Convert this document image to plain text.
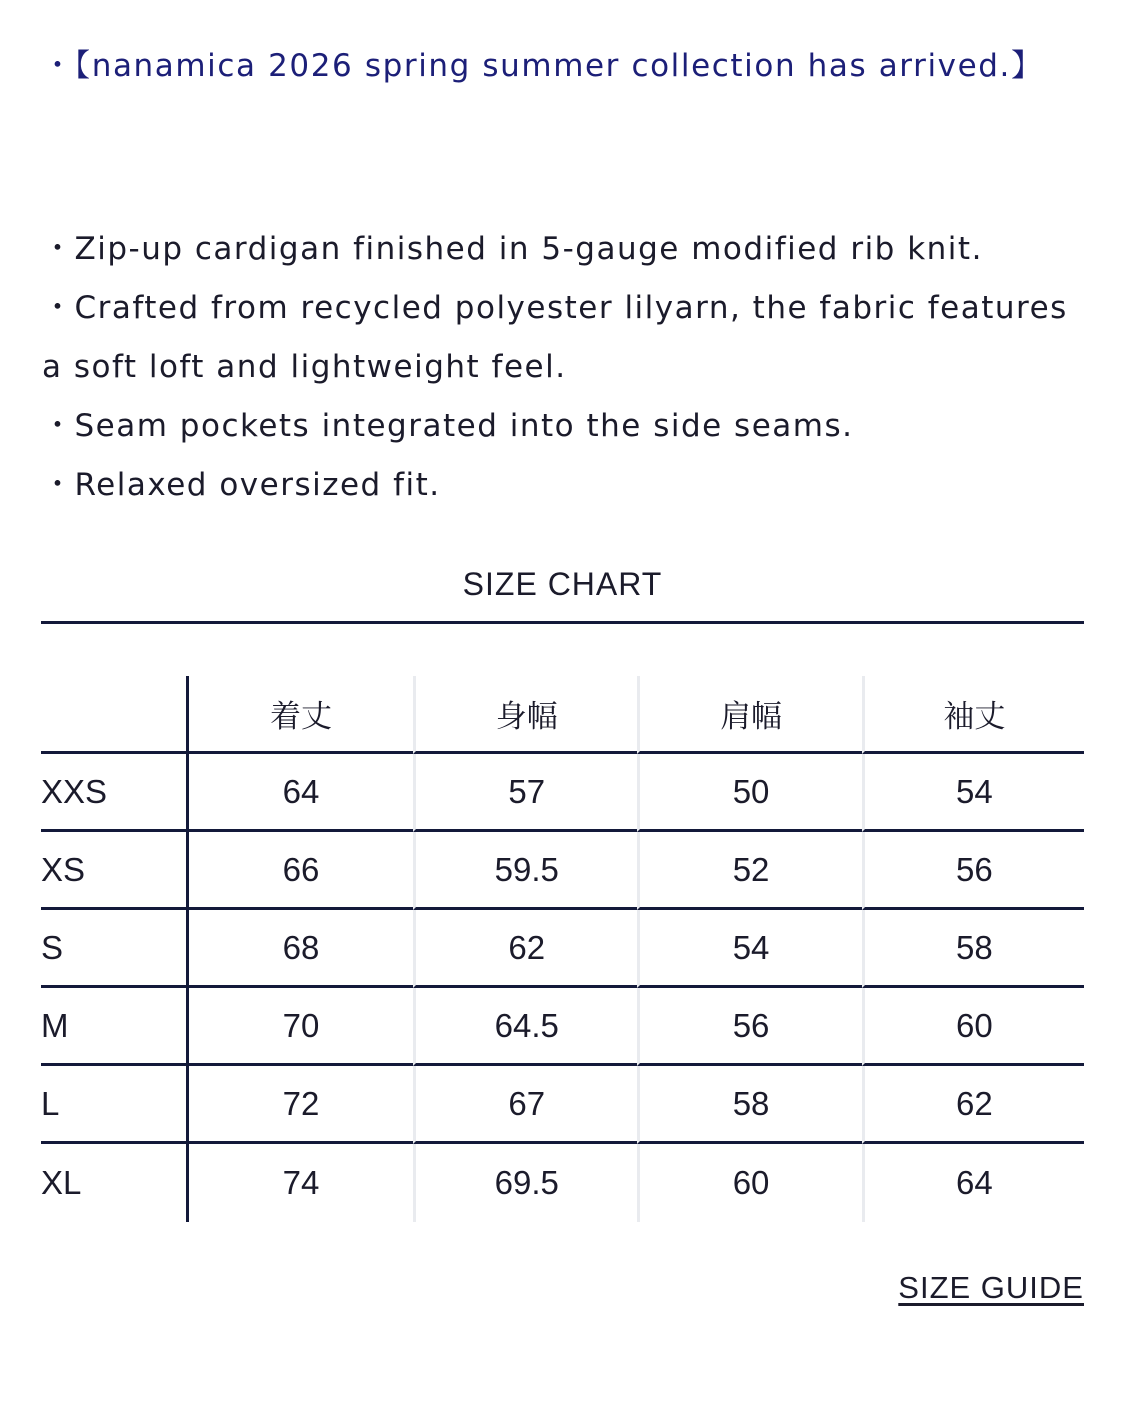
・【nanamica 2026 spring summer collection has arrived.】

・Zip-up cardigan finished in 5-gauge modified rib knit.

・Crafted from recycled polyester lilyarn, the fabric features

a soft loft and lightweight feel.

・Seam pockets integrated into the side seams.

・Relaxed oversized fit.

SIZE CHART
	着丈	身幅	肩幅	袖丈
XXS	64	57	50	54
XS	66	59.5	52	56
S	68	62	54	58
M	70	64.5	56	60
L	72	67	58	62
XL	74	69.5	60	64
SIZE GUIDE
